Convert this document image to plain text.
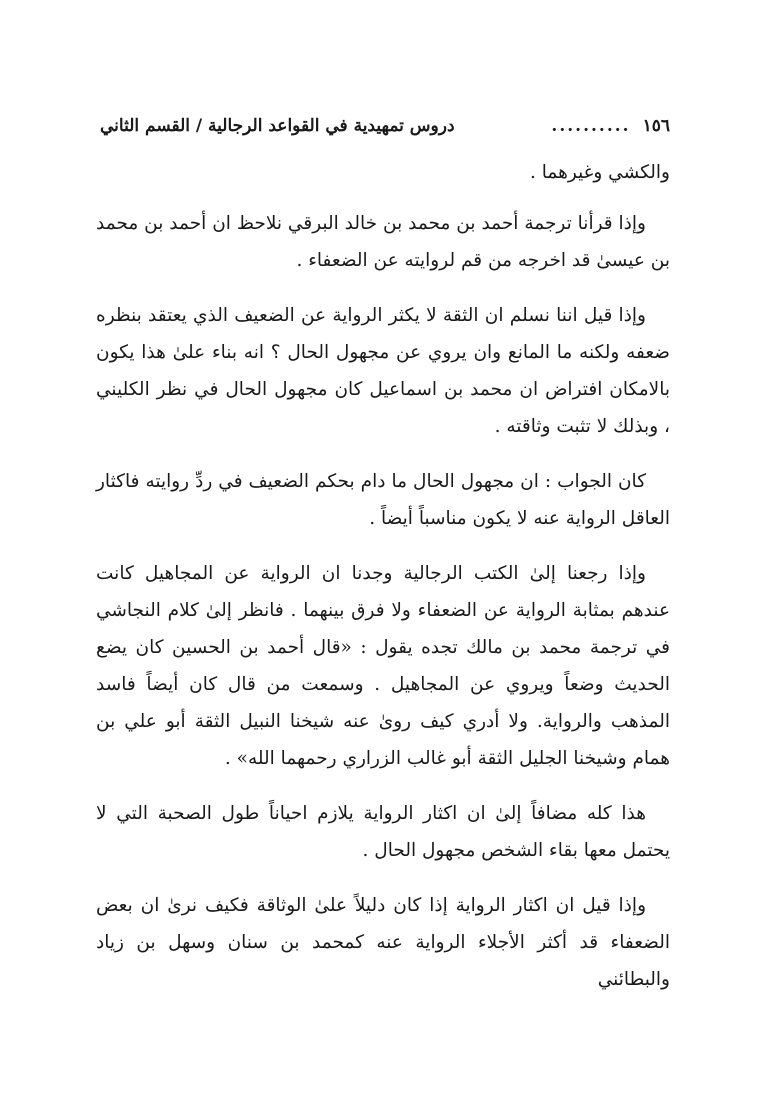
١٥٦
..........
دروس تمهيدية في القواعد الرجالية / القسم الثاني

والكشي وغيرهما .

وإذا قرأنا ترجمة أحمد بن محمد بن خالد البرقي نلاحظ ان أحمد بن محمد بن عيسىٰ قد اخرجه من قم لروايته عن الضعفاء .

وإذا قيل اننا نسلم ان الثقة لا يكثر الرواية عن الضعيف الذي يعتقد بنظره ضعفه ولكنه ما المانع وان يروي عن مجهول الحال ؟ انه بناء علىٰ هذا يكون بالامكان افتراض ان محمد بن اسماعيل كان مجهول الحال في نظر الكليني ، وبذلك لا تثبت وثاقته .

كان الجواب : ان مجهول الحال ما دام بحكم الضعيف في ردِّ روايته فاكثار العاقل الرواية عنه لا يكون مناسباً أيضاً .

وإذا رجعنا إلىٰ الكتب الرجالية وجدنا ان الرواية عن المجاهيل كانت عندهم بمثابة الرواية عن الضعفاء ولا فرق بينهما . فانظر إلىٰ كلام النجاشي في ترجمة محمد بن مالك تجده يقول : «قال أحمد بن الحسين كان يضع الحديث وضعاً ويروي عن المجاهيل . وسمعت من قال كان أيضاً فاسد المذهب والرواية. ولا أدري كيف روىٰ عنه شيخنا النبيل الثقة أبو علي بن همام وشيخنا الجليل الثقة أبو غالب الزراري رحمهما الله» .

هذا كله مضافاً إلىٰ ان اكثار الرواية يلازم احياناً طول الصحبة التي لا يحتمل معها بقاء الشخص مجهول الحال .

وإذا قيل ان اكثار الرواية إذا كان دليلاً علىٰ الوثاقة فكيف نرىٰ ان بعض الضعفاء قد أكثر الأجلاء الرواية عنه كمحمد بن سنان وسهل بن زياد والبطائني
